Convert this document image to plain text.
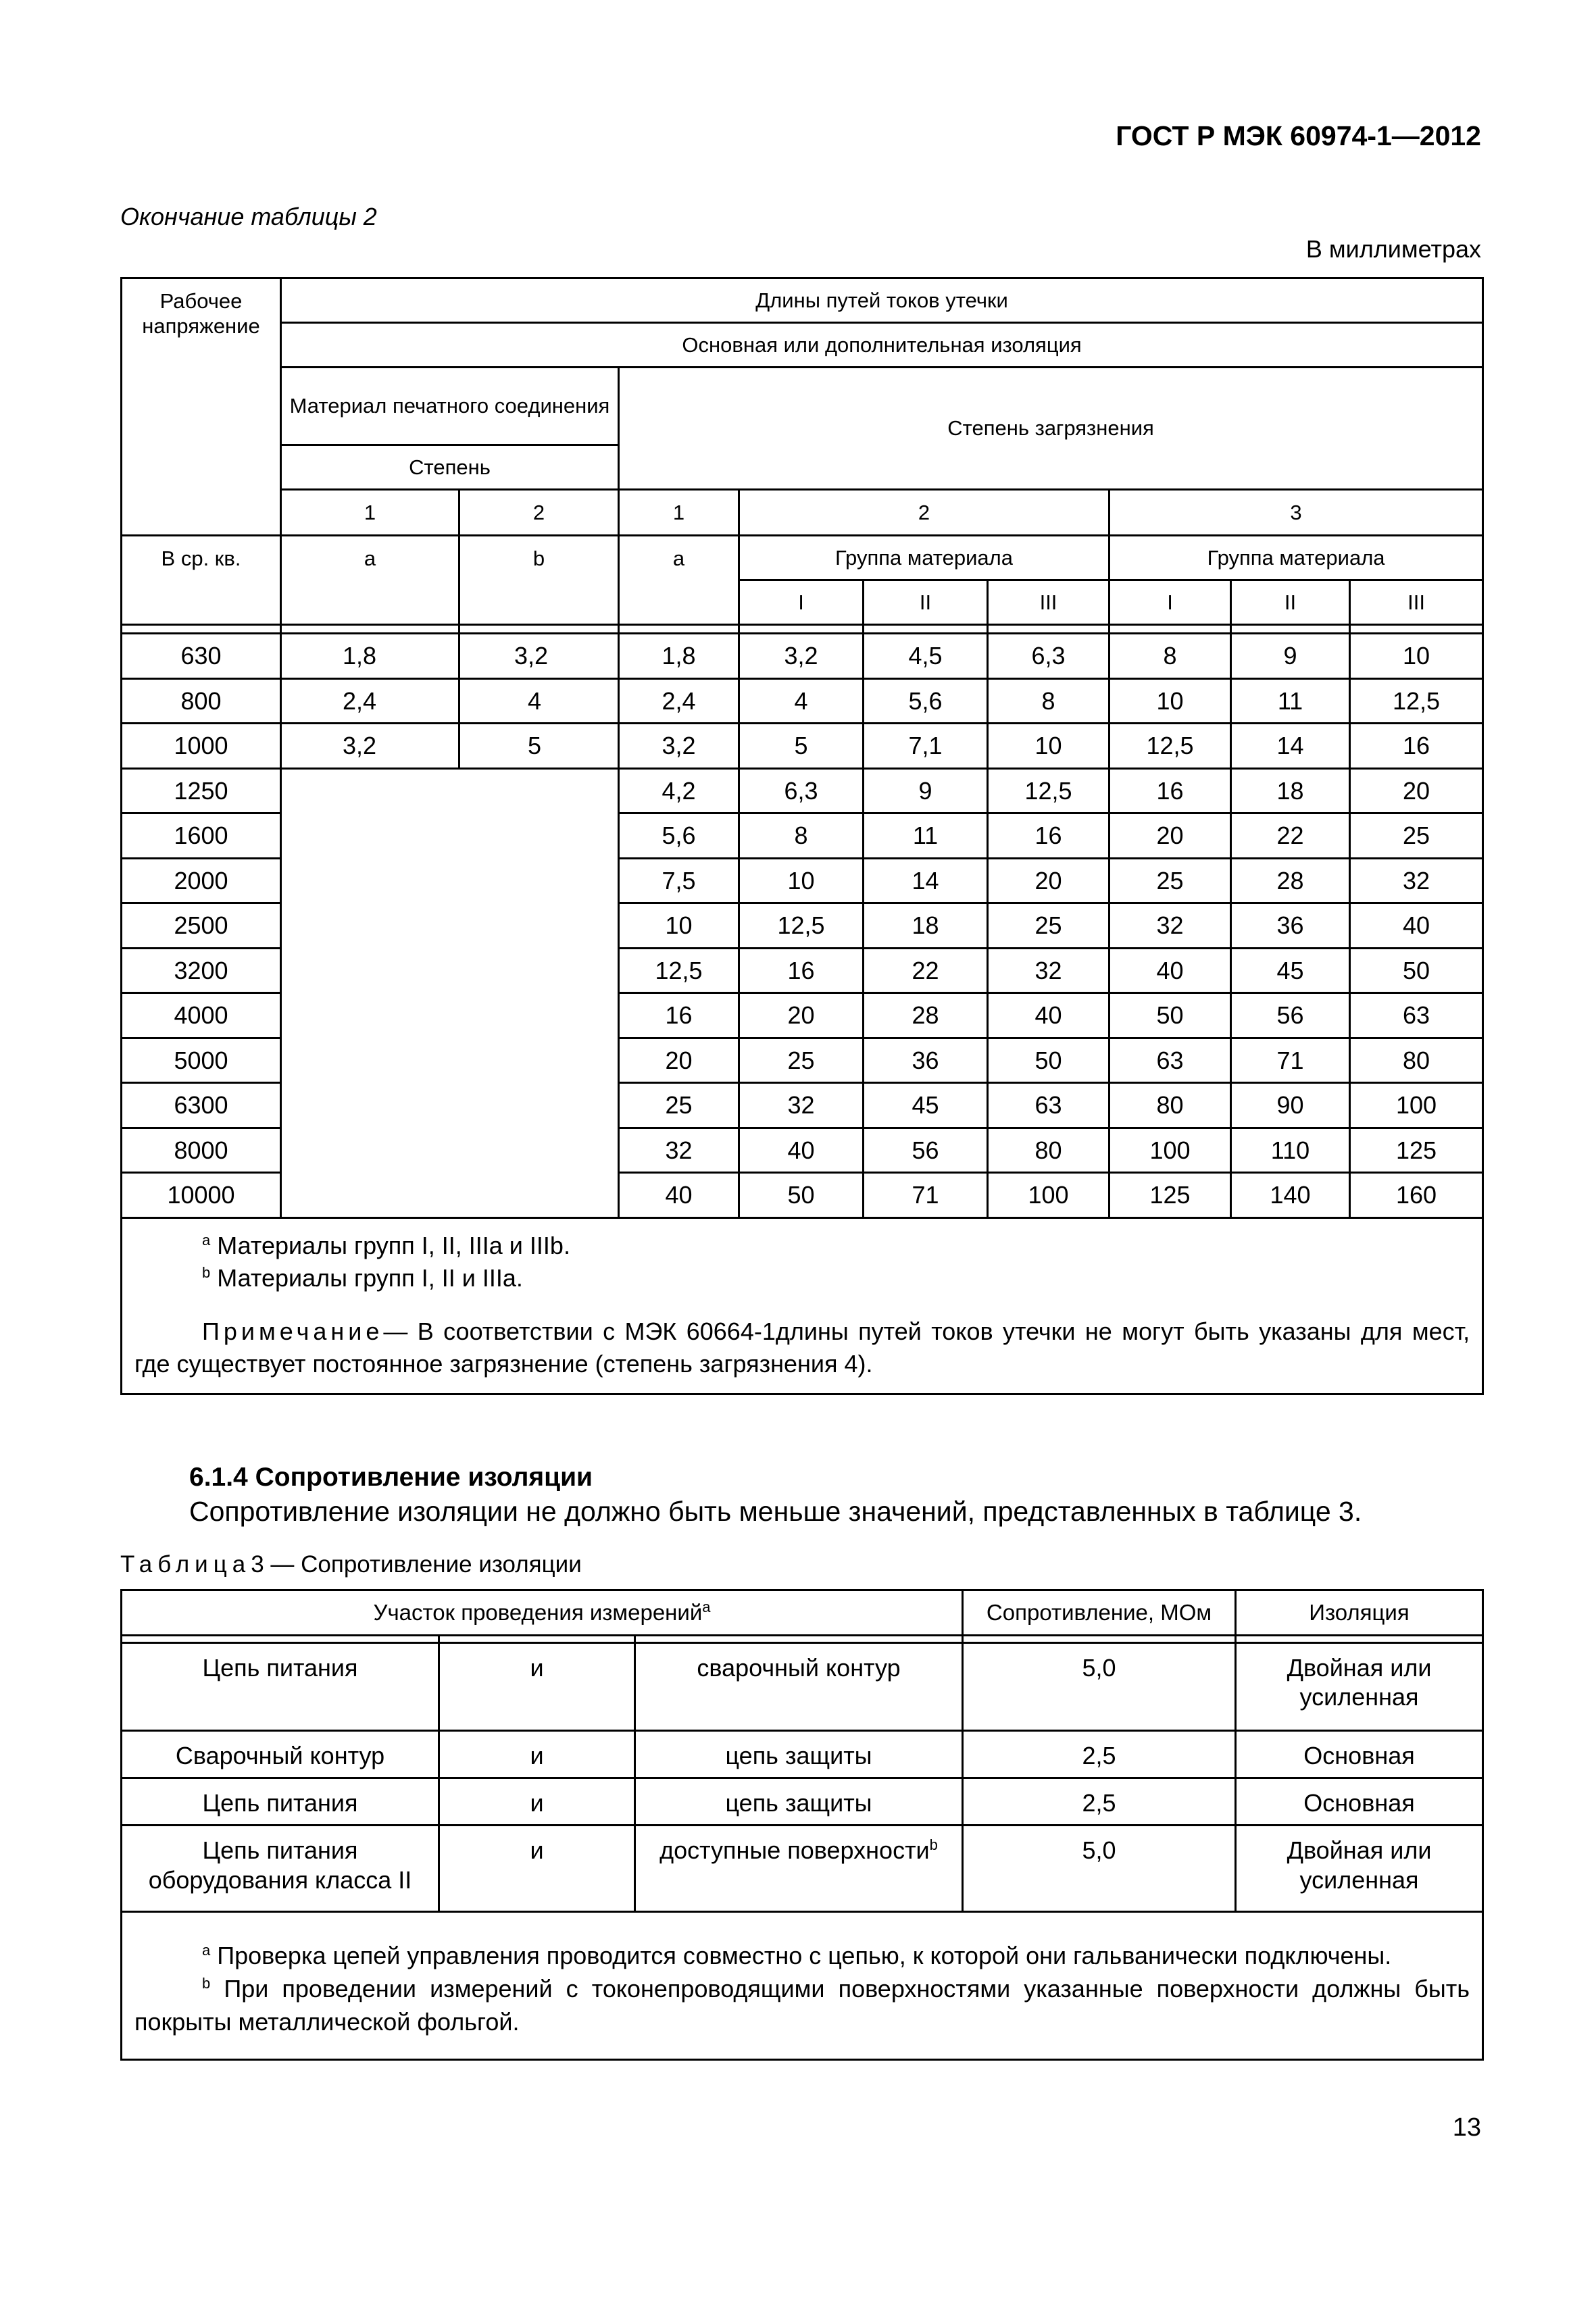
ГОСТ Р МЭК 60974-1—2012
Окончание таблицы 2
В миллиметрах
Рабочее напряжение	Длины путей токов утечки								
	Основная или дополнительная изоляция								
	Материал печатного соединения		Степень загрязнения						
	Степень								
	1	2	1	2			3		
В ср. кв.	a	b	a	Группа материала			Группа материала		
				I	II	III	I	II	III

630	1,8	3,2	1,8	3,2	4,5	6,3	8	9	10
800	2,4	4	2,4	4	5,6	8	10	11	12,5
1000	3,2	5	3,2	5	7,1	10	12,5	14	16
1250			4,2	6,3	9	12,5	16	18	20
1600			5,6	8	11	16	20	22	25
2000			7,5	10	14	20	25	28	32
2500			10	12,5	18	25	32	36	40
3200			12,5	16	22	32	40	45	50
4000			16	20	28	40	50	56	63
5000			20	25	36	50	63	71	80
6300			25	32	45	63	80	90	100
8000			32	40	56	80	100	110	125
10000			40	50	71	100	125	140	160

$^a$ Материалы групп I, II, IIIa и IIIb.
$^b$ Материалы групп I, II и IIIa.
Примечание— В соответствии с МЭК 60664-1длины путей токов утечки не могут быть указаны для мест, где существует постоянное загрязнение (степень загрязнения 4).									
6.1.4 Сопротивление изоляции
Сопротивление изоляции не должно быть меньше значений, представленных в таблице 3.
Таблица3 — Сопротивление изоляции
Участок проведения измерений$^a$			Сопротивление, МОм	Изоляция

Цепь питания	и	сварочный контур	5,0	Двойная или усиленная
Сварочный контур	и	цепь защиты	2,5	Основная
Цепь питания	и	цепь защиты	2,5	Основная
Цепь питания оборудования класса II	и	доступные поверхности$^b$	5,0	Двойная или усиленная

$^a$ Проверка цепей управления проводится совместно с цепью, к которой они гальванически подключены.
$^b$ При проведении измерений с токонепроводящими поверхностями указанные поверхности должны быть покрыты металлической фольгой.				
13
